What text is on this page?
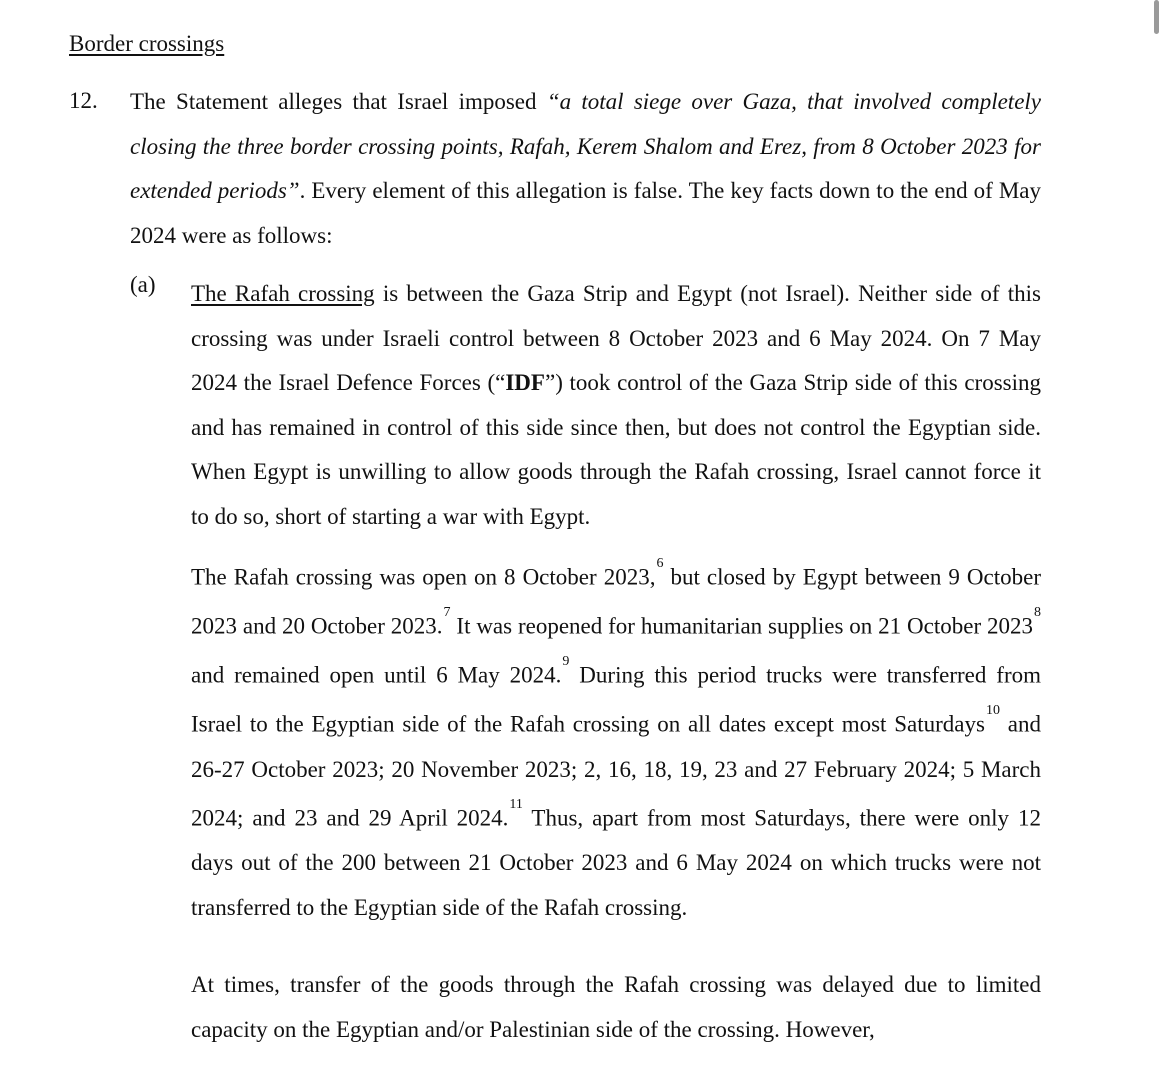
Border crossings
12. The Statement alleges that Israel imposed “a total siege over Gaza, that involved completely closing the three border crossing points, Rafah, Kerem Shalom and Erez, from 8 October 2023 for extended periods”. Every element of this allegation is false. The key facts down to the end of May 2024 were as follows:
(a) The Rafah crossing is between the Gaza Strip and Egypt (not Israel). Neither side of this crossing was under Israeli control between 8 October 2023 and 6 May 2024. On 7 May 2024 the Israel Defence Forces (“IDF”) took control of the Gaza Strip side of this crossing and has remained in control of this side since then, but does not control the Egyptian side. When Egypt is unwilling to allow goods through the Rafah crossing, Israel cannot force it to do so, short of starting a war with Egypt.
The Rafah crossing was open on 8 October 2023,$^6$ but closed by Egypt between 9 October 2023 and 20 October 2023.$^7$ It was reopened for humanitarian supplies on 21 October 2023$^8$ and remained open until 6 May 2024.$^9$ During this period trucks were transferred from Israel to the Egyptian side of the Rafah crossing on all dates except most Saturdays$^{10}$ and 26-27 October 2023; 20 November 2023; 2, 16, 18, 19, 23 and 27 February 2024; 5 March 2024; and 23 and 29 April 2024.11 Thus, apart from most Saturdays, there were only 12 days out of the 200 between 21 October 2023 and 6 May 2024 on which trucks were not transferred to the Egyptian side of the Rafah crossing.
At times, transfer of the goods through the Rafah crossing was delayed due to limited capacity on the Egyptian and/or Palestinian side of the crossing. However,
